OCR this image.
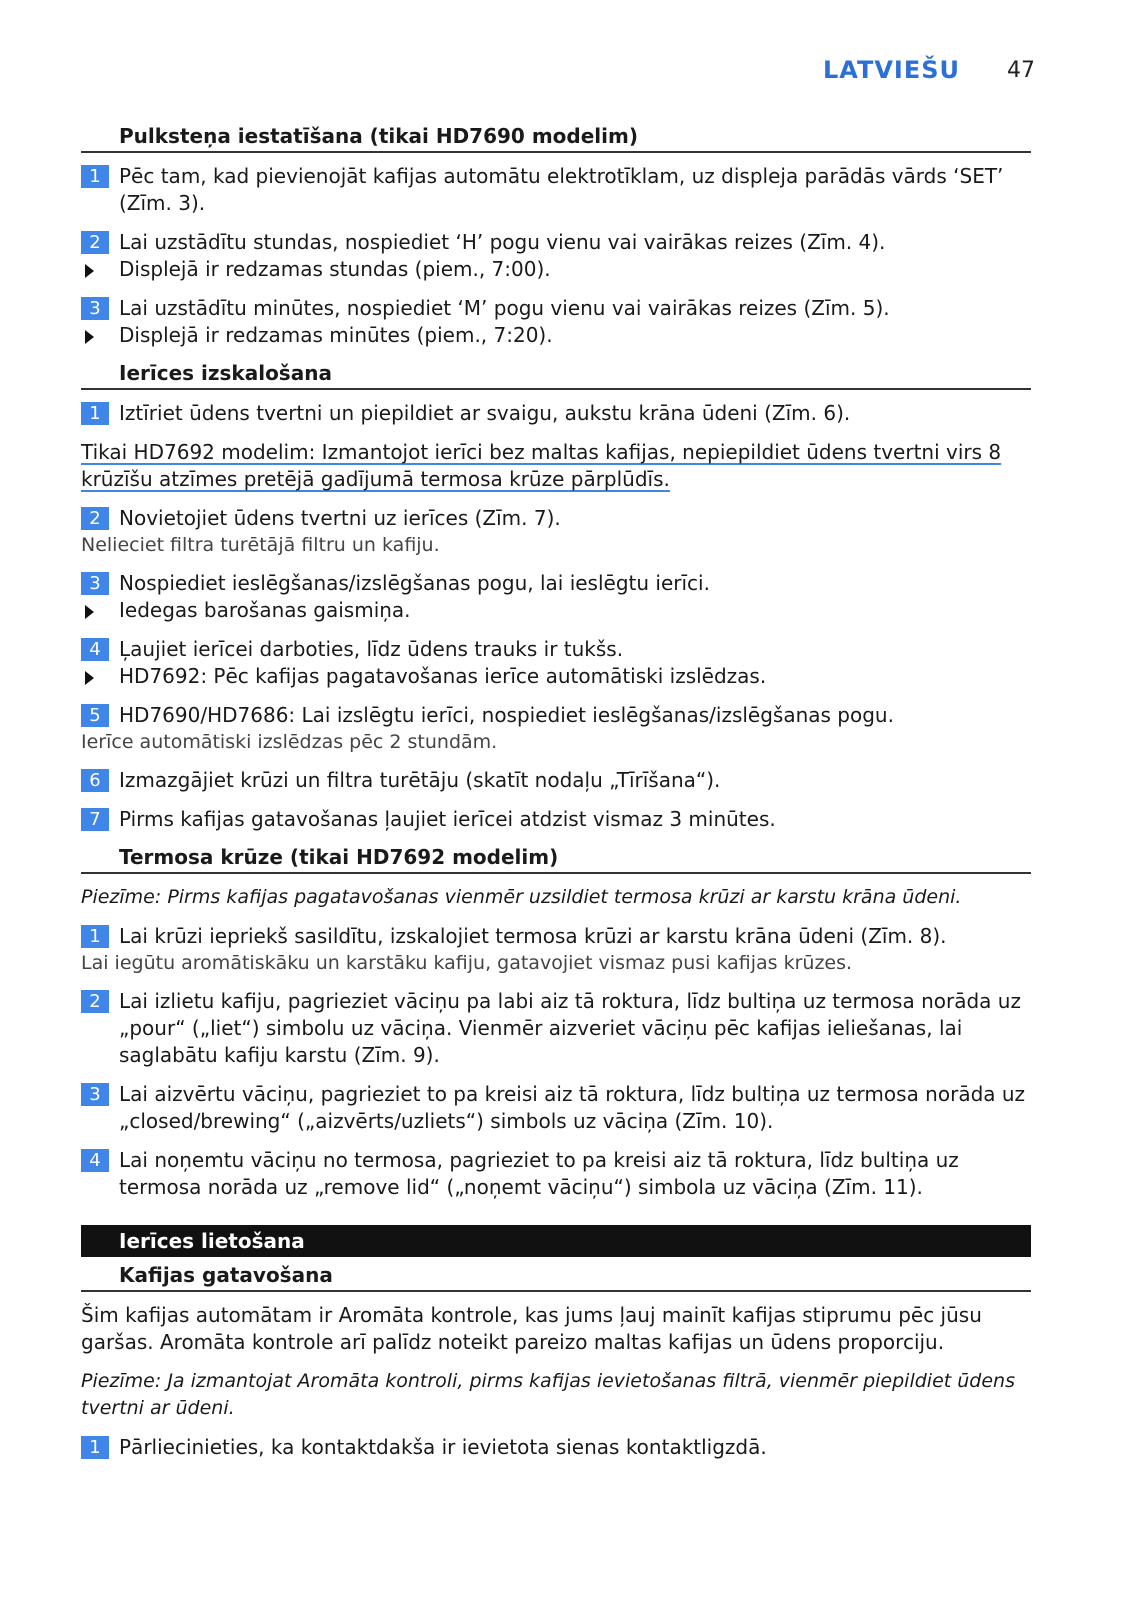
LATVIEŠU 47
Pulksteņa iestatīšana (tikai HD7690 modelim)
1 Pēc tam, kad pievienojāt kafijas automātu elektrotīklam, uz displeja parādās vārds ‘SET’ (Zīm. 3).
2 Lai uzstādītu stundas, nospiediet ‘H’ pogu vienu vai vairākas reizes (Zīm. 4).
Displejā ir redzamas stundas (piem., 7:00).
3 Lai uzstādītu minūtes, nospiediet ‘M’ pogu vienu vai vairākas reizes (Zīm. 5).
Displejā ir redzamas minūtes (piem., 7:20).
Ierīces izskalošana
1 Iztīriet ūdens tvertni un piepildiet ar svaigu, aukstu krāna ūdeni (Zīm. 6).
Tikai HD7692 modelim: Izmantojot ierīci bez maltas kafijas, nepiepildiet ūdens tvertni virs 8 krūzīšu atzīmes pretējā gadījumā termosa krūze pārplūdīs.
2 Novietojiet ūdens tvertni uz ierīces (Zīm. 7).
Nelieciet filtra turētājā filtru un kafiju.
3 Nospiediet ieslēgšanas/izslēgšanas pogu, lai ieslēgtu ierīci.
Iedegas barošanas gaismiņa.
4 Ļaujiet ierīcei darboties, līdz ūdens trauks ir tukšs.
HD7692: Pēc kafijas pagatavošanas ierīce automātiski izslēdzas.
5 HD7690/HD7686: Lai izslēgtu ierīci, nospiediet ieslēgšanas/izslēgšanas pogu.
Ierīce automātiski izslēdzas pēc 2 stundām.
6 Izmazgājiet krūzi un filtra turētāju (skatīt nodaļu „Tīrīšana“).
7 Pirms kafijas gatavošanas ļaujiet ierīcei atdzist vismaz 3 minūtes.
Termosa krūze (tikai HD7692 modelim)
Piezīme: Pirms kafijas pagatavošanas vienmēr uzsildiet termosa krūzi ar karstu krāna ūdeni.
1 Lai krūzi iepriekš sasildītu, izskalojiet termosa krūzi ar karstu krāna ūdeni (Zīm. 8).
Lai iegūtu aromātiskāku un karstāku kafiju, gatavojiet vismaz pusi kafijas krūzes.
2 Lai izlietu kafiju, pagrieziet vāciņu pa labi aiz tā roktura, līdz bultiņa uz termosa norāda uz „pour“ („liet“) simbolu uz vāciņa. Vienmēr aizveriet vāciņu pēc kafijas ieliešanas, lai saglabātu kafiju karstu (Zīm. 9).
3 Lai aizvērtu vāciņu, pagrieziet to pa kreisi aiz tā roktura, līdz bultiņa uz termosa norāda uz „closed/brewing“ („aizvērts/uzliets“) simbols uz vāciņa (Zīm. 10).
4 Lai noņemtu vāciņu no termosa, pagrieziet to pa kreisi aiz tā roktura, līdz bultiņa uz termosa norāda uz „remove lid“ („noņemt vāciņu“) simbola uz vāciņa (Zīm. 11).
Ierīces lietošana
Kafijas gatavošana
Šim kafijas automātam ir Aromāta kontrole, kas jums ļauj mainīt kafijas stiprumu pēc jūsu garšas. Aromāta kontrole arī palīdz noteikt pareizo maltas kafijas un ūdens proporciju.
Piezīme: Ja izmantojat Aromāta kontroli, pirms kafijas ievietošanas filtrā, vienmēr piepildiet ūdens tvertni ar ūdeni.
1 Pārliecinieties, ka kontaktdakša ir ievietota sienas kontaktligzdā.
